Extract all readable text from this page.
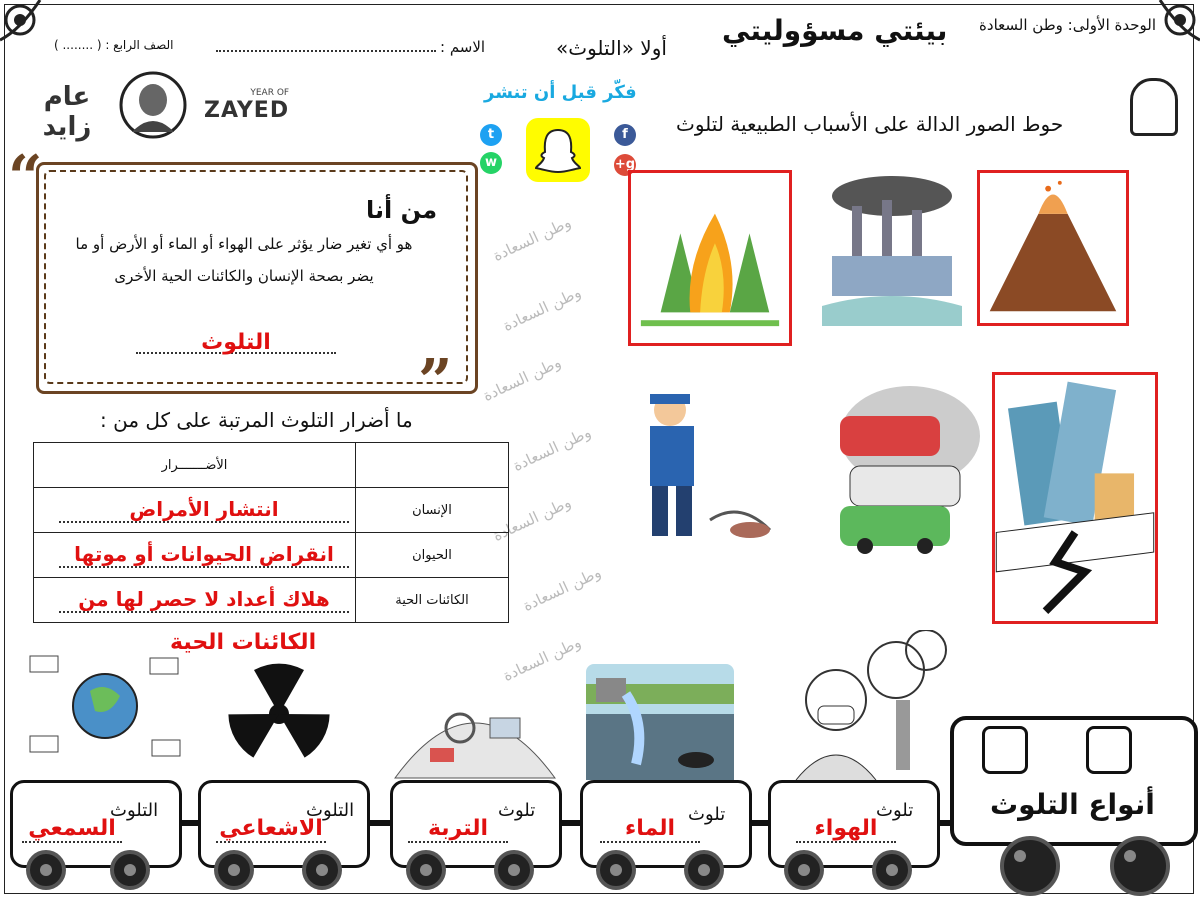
الوحدة الأولى: وطن السعادة
بيئتي مسؤوليتي
أولا «التلوث»
الاسم :
الصف الرابع : ( ........ )
عام زايد
YEAR OF
ZAYED
فكّر قبل أن تنشر
f
g+
t
w
وطن السعادة
وطن السعادة
وطن السعادة
وطن السعادة
وطن السعادة
وطن السعادة
وطن السعادة
“
”
من أنا
هو أي تغير ضار يؤثر على الهواء أو الماء أو الأرض أو ما يضر بصحة الإنسان والكائنات الحية الأخرى
التلوث
حوط الصور الدالة على الأسباب الطبيعية لتلوث
ما أضرار التلوث المرتبة على كل من :
	الأضـــــــرار
الإنسان	انتشار الأمراض
الحيوان	انقراض الحيوانات أو موتها
الكائنات الحية	هلاك أعداد لا حصر لها من
الكائنات الحية
أنواع التلوث
تلوث
الهواء
تلوث
الماء
تلوث
التربة
التلوث
الاشعاعي
التلوث
السمعي
